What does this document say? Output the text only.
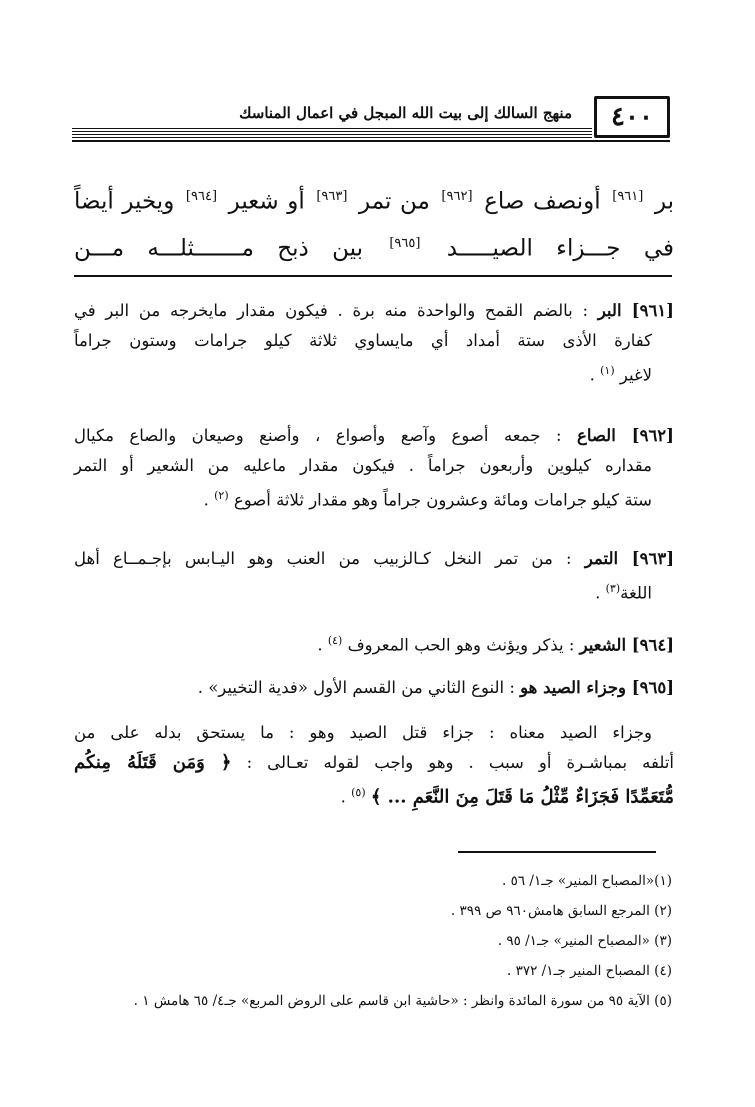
منهج السالك إلى بيت الله المبجل في اعمال المناسك	٤٠٠
بر [٩٦١] أونصف صاع [٩٦٢] من تمر [٩٦٣] أو شعير [٩٦٤] ويخير أيضاً
في جـــزاء الصيـــــد [٩٦٥] بين ذبح مـــــــثلـــه مـــن
[٩٦١] البر : بالضم القمح والواحدة منه برة . فيكون مقدار مايخرجه من البر في
كفارة الأذى ستة أمداد أي مايساوي ثلاثة كيلو جرامات وستون جراماً
لاغير $^{(١)}$ .
[٩٦٢] الصاع : جمعه أصوع وآصع وأصواع ، وأصنع وصيعان والصاع مكيال
مقداره كيلوين وأربعون جراماً . فيكون مقدار ماعليه من الشعير أو التمر
ستة كيلو جرامات ومائة وعشرون جراماً وهو مقدار ثلاثة أصوع $^{(٢)}$ .
[٩٦٣] التمر : من تمر النخل كـالزبيب من العنب وهو اليـابس بإجـمــاع أهل
اللغة$^{(٣)}$ .
[٩٦٤] الشعير : يذكر ويؤنث وهو الحب المعروف $^{(٤)}$ .
[٩٦٥] وجزاء الصيد هو : النوع الثاني من القسم الأول «فدية التخيير» .
وجزاء الصيد معناه : جزاء قتل الصيد وهو : ما يستحق بدله على من
أتلفه بمباشـرة أو سبب . وهو واجب لقوله تعـالى : ﴿ وَمَن قَتَلَهُ مِنكُم
مُّتَعَمِّدًا فَجَزَاءٌ مِّثْلُ مَا قَتَلَ مِنَ النَّعَمِ ... ﴾ $^{(٥)}$ .
(١)«المصباح المنير» جـ١/ ٥٦ .
(٢) المرجع السابق هامش٩٦٠ ص ٣٩٩ .
(٣) «المصباح المنير» جـ١/ ٩٥ .
(٤) المصباح المنير جـ١/ ٣٧٢ .
(٥) الآية ٩٥ من سورة المائدة وانظر : «حاشية ابن قاسم على الروض المربع» جـ٤/ ٦٥ هامش ١ .
